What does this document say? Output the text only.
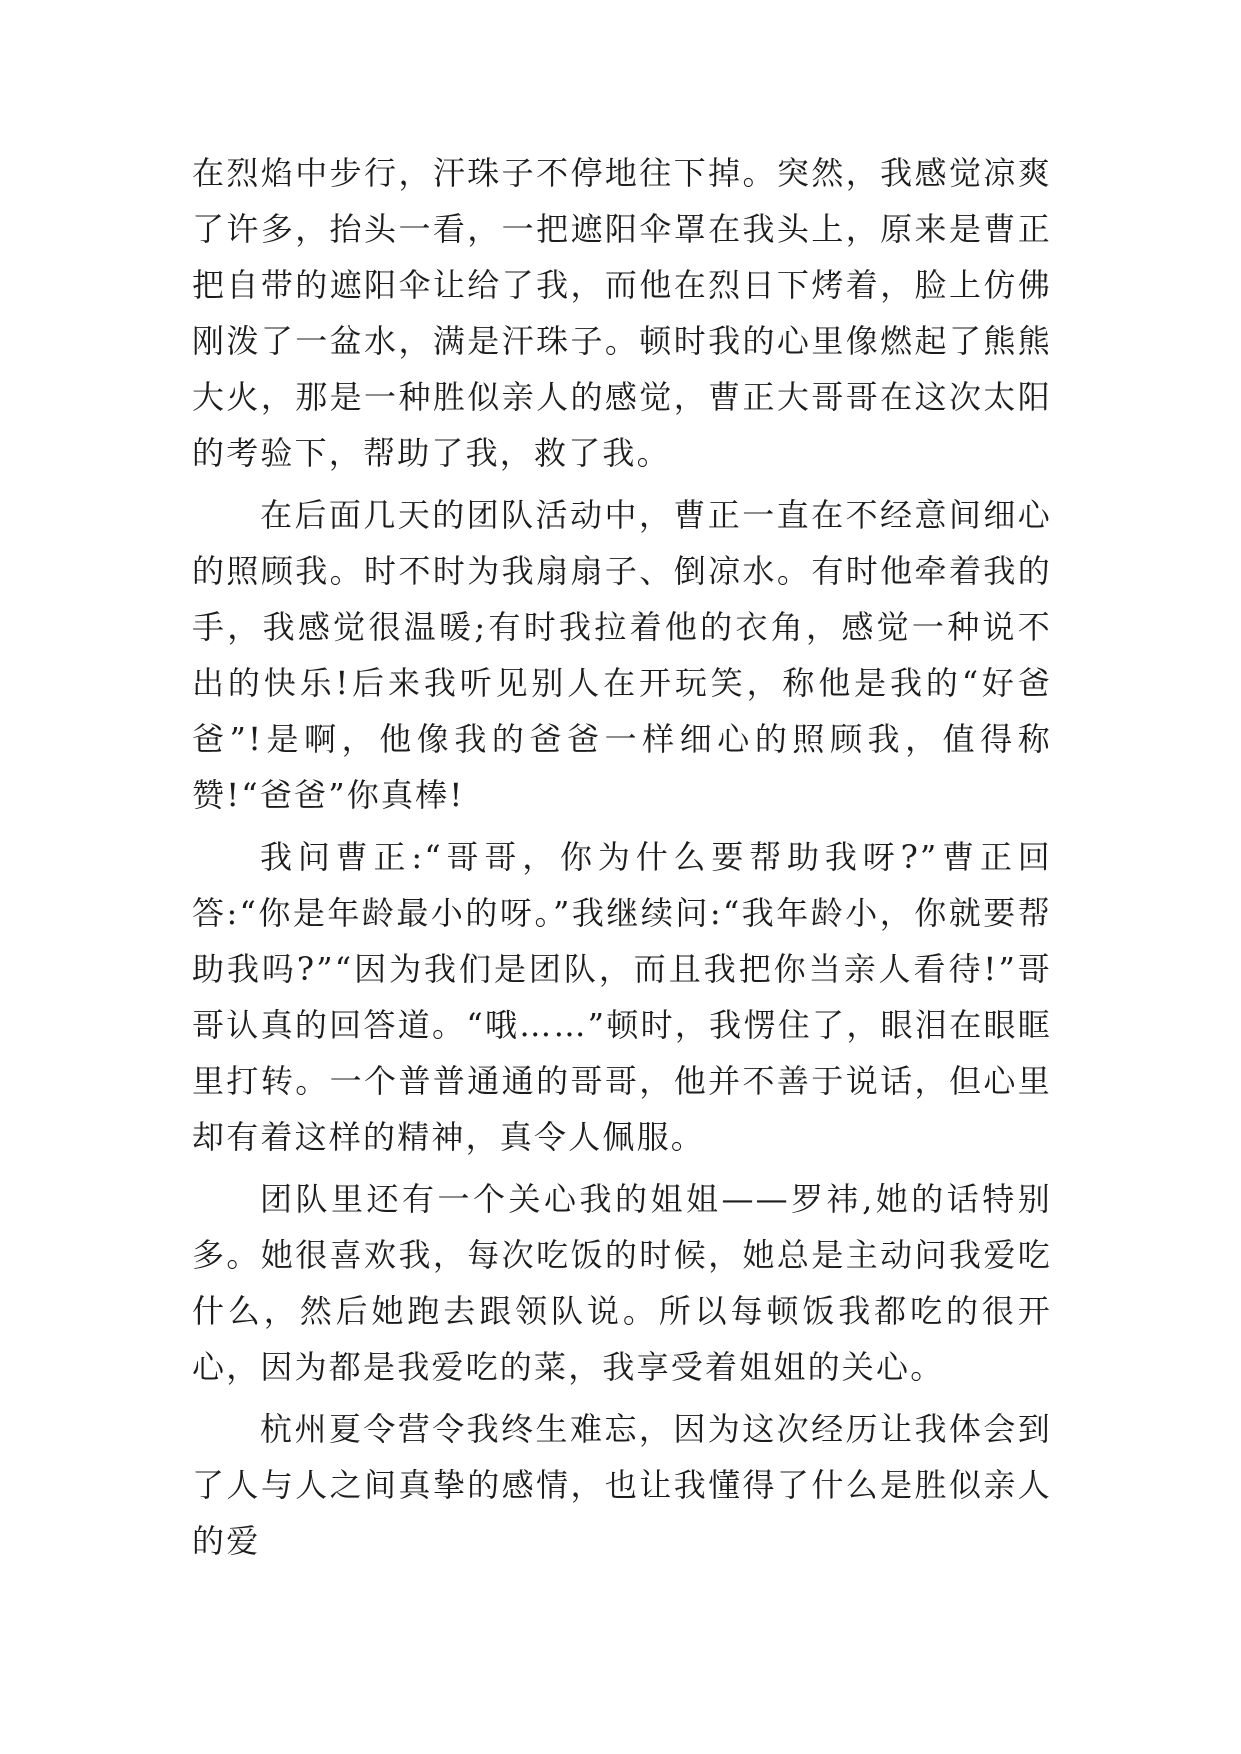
在烈焰中步行，汗珠子不停地往下掉。突然，我感觉凉爽了许多，抬头一看，一把遮阳伞罩在我头上，原来是曹正把自带的遮阳伞让给了我，而他在烈日下烤着，脸上仿佛刚泼了一盆水，满是汗珠子。顿时我的心里像燃起了熊熊大火，那是一种胜似亲人的感觉，曹正大哥哥在这次太阳的考验下，帮助了我，救了我。

在后面几天的团队活动中，曹正一直在不经意间细心的照顾我。时不时为我扇扇子、倒凉水。有时他牵着我的手，我感觉很温暖;有时我拉着他的衣角，感觉一种说不出的快乐!后来我听见别人在开玩笑，称他是我的“好爸爸”!是啊，他像我的爸爸一样细心的照顾我，值得称赞!“爸爸”你真棒!

我问曹正:“哥哥，你为什么要帮助我呀?”曹正回答:“你是年龄最小的呀。”我继续问:“我年龄小，你就要帮助我吗?”“因为我们是团队，而且我把你当亲人看待!”哥哥认真的回答道。“哦……”顿时，我愣住了，眼泪在眼眶里打转。一个普普通通的哥哥，他并不善于说话，但心里却有着这样的精神，真令人佩服。

团队里还有一个关心我的姐姐——罗祎,她的话特别多。她很喜欢我，每次吃饭的时候，她总是主动问我爱吃什么，然后她跑去跟领队说。所以每顿饭我都吃的很开心，因为都是我爱吃的菜，我享受着姐姐的关心。

杭州夏令营令我终生难忘，因为这次经历让我体会到了人与人之间真挚的感情，也让我懂得了什么是胜似亲人的爱
